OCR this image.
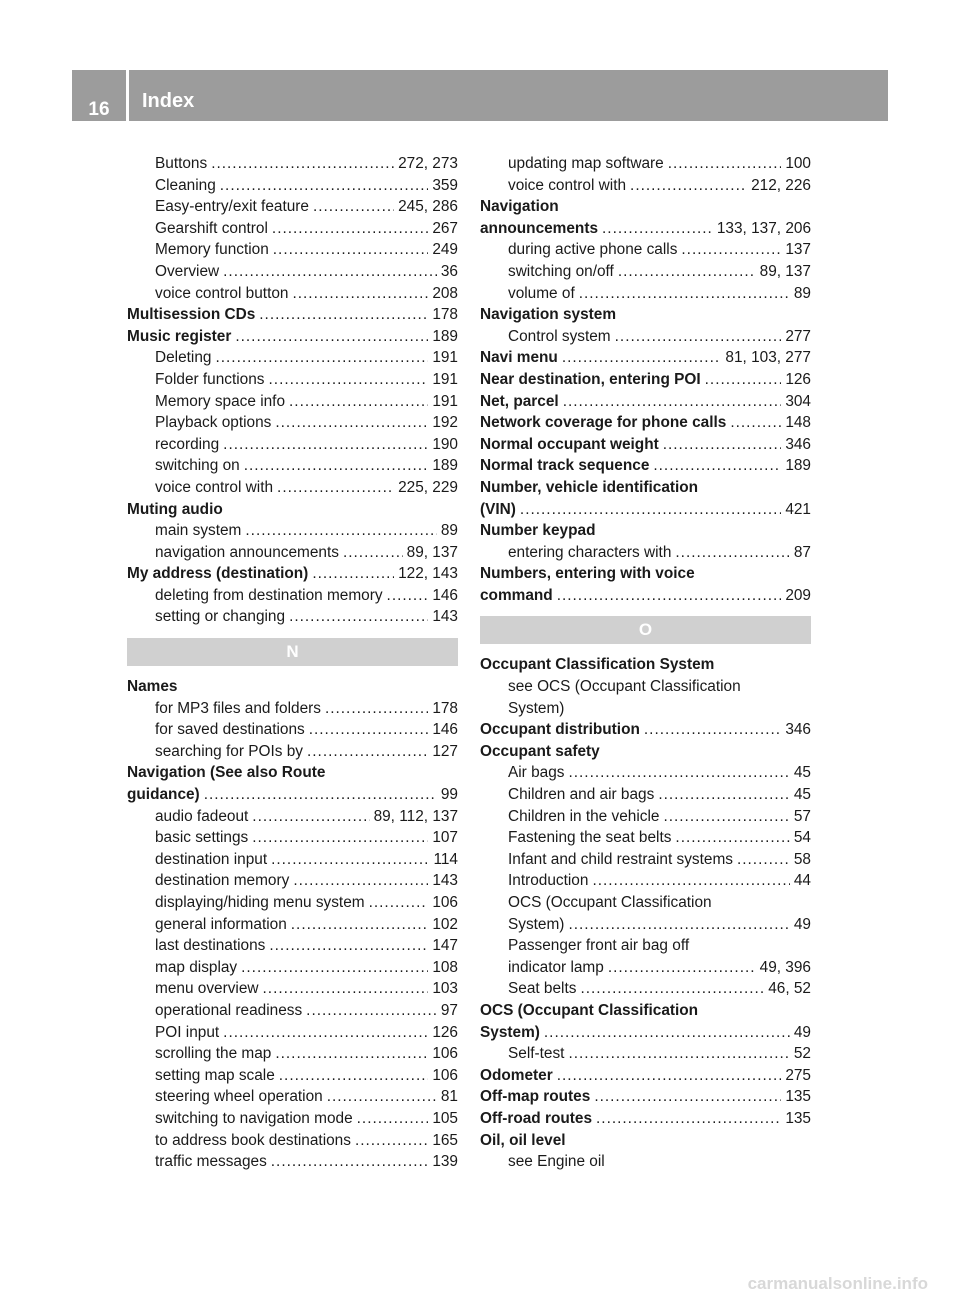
16	Index
Buttons .....	272, 273
Cleaning .....	359
Easy-entry/exit feature .....	245, 286
Gearshift control .....	267
Memory function .....	249
Overview .....	36
voice control button .....	208
Multisession CDs .....	178
Music register .....	189
Deleting .....	191
Folder functions .....	191
Memory space info .....	191
Playback options .....	192
recording .....	190
switching on .....	189
voice control with .....	225, 229
Muting audio
main system .....	89
navigation announcements .....	89, 137
My address (destination) .....	122, 143
deleting from destination memory .....	146
setting or changing .....	143
N
Names
for MP3 files and folders .....	178
for saved destinations .....	146
searching for POIs by .....	127
Navigation (See also Route
guidance) .....	99
audio fadeout .....	89, 112, 137
basic settings .....	107
destination input .....	114
destination memory .....	143
displaying/hiding menu system .....	106
general information .....	102
last destinations .....	147
map display .....	108
menu overview .....	103
operational readiness .....	97
POI input .....	126
scrolling the map .....	106
setting map scale .....	106
steering wheel operation .....	81
switching to navigation mode .....	105
to address book destinations .....	165
traffic messages .....	139
updating map software .....	100
voice control with .....	212, 226
Navigation
announcements .....	133, 137, 206
during active phone calls .....	137
switching on/off .....	89, 137
volume of .....	89
Navigation system
Control system .....	277
Navi menu .....	81, 103, 277
Near destination, entering POI .....	126
Net, parcel .....	304
Network coverage for phone calls .....	148
Normal occupant weight .....	346
Normal track sequence .....	189
Number, vehicle identification
(VIN) .....	421
Number keypad
entering characters with .....	87
Numbers, entering with voice
command .....	209
O
Occupant Classification System
see OCS (Occupant Classification
System)
Occupant distribution .....	346
Occupant safety
Air bags .....	45
Children and air bags .....	45
Children in the vehicle .....	57
Fastening the seat belts .....	54
Infant and child restraint systems .....	58
Introduction .....	44
OCS (Occupant Classification
System) .....	49
Passenger front air bag off
indicator lamp .....	49, 396
Seat belts .....	46, 52
OCS (Occupant Classification
System) .....	49
Self-test .....	52
Odometer .....	275
Off-map routes .....	135
Off-road routes .....	135
Oil, oil level
see Engine oil
carmanualsonline.info
